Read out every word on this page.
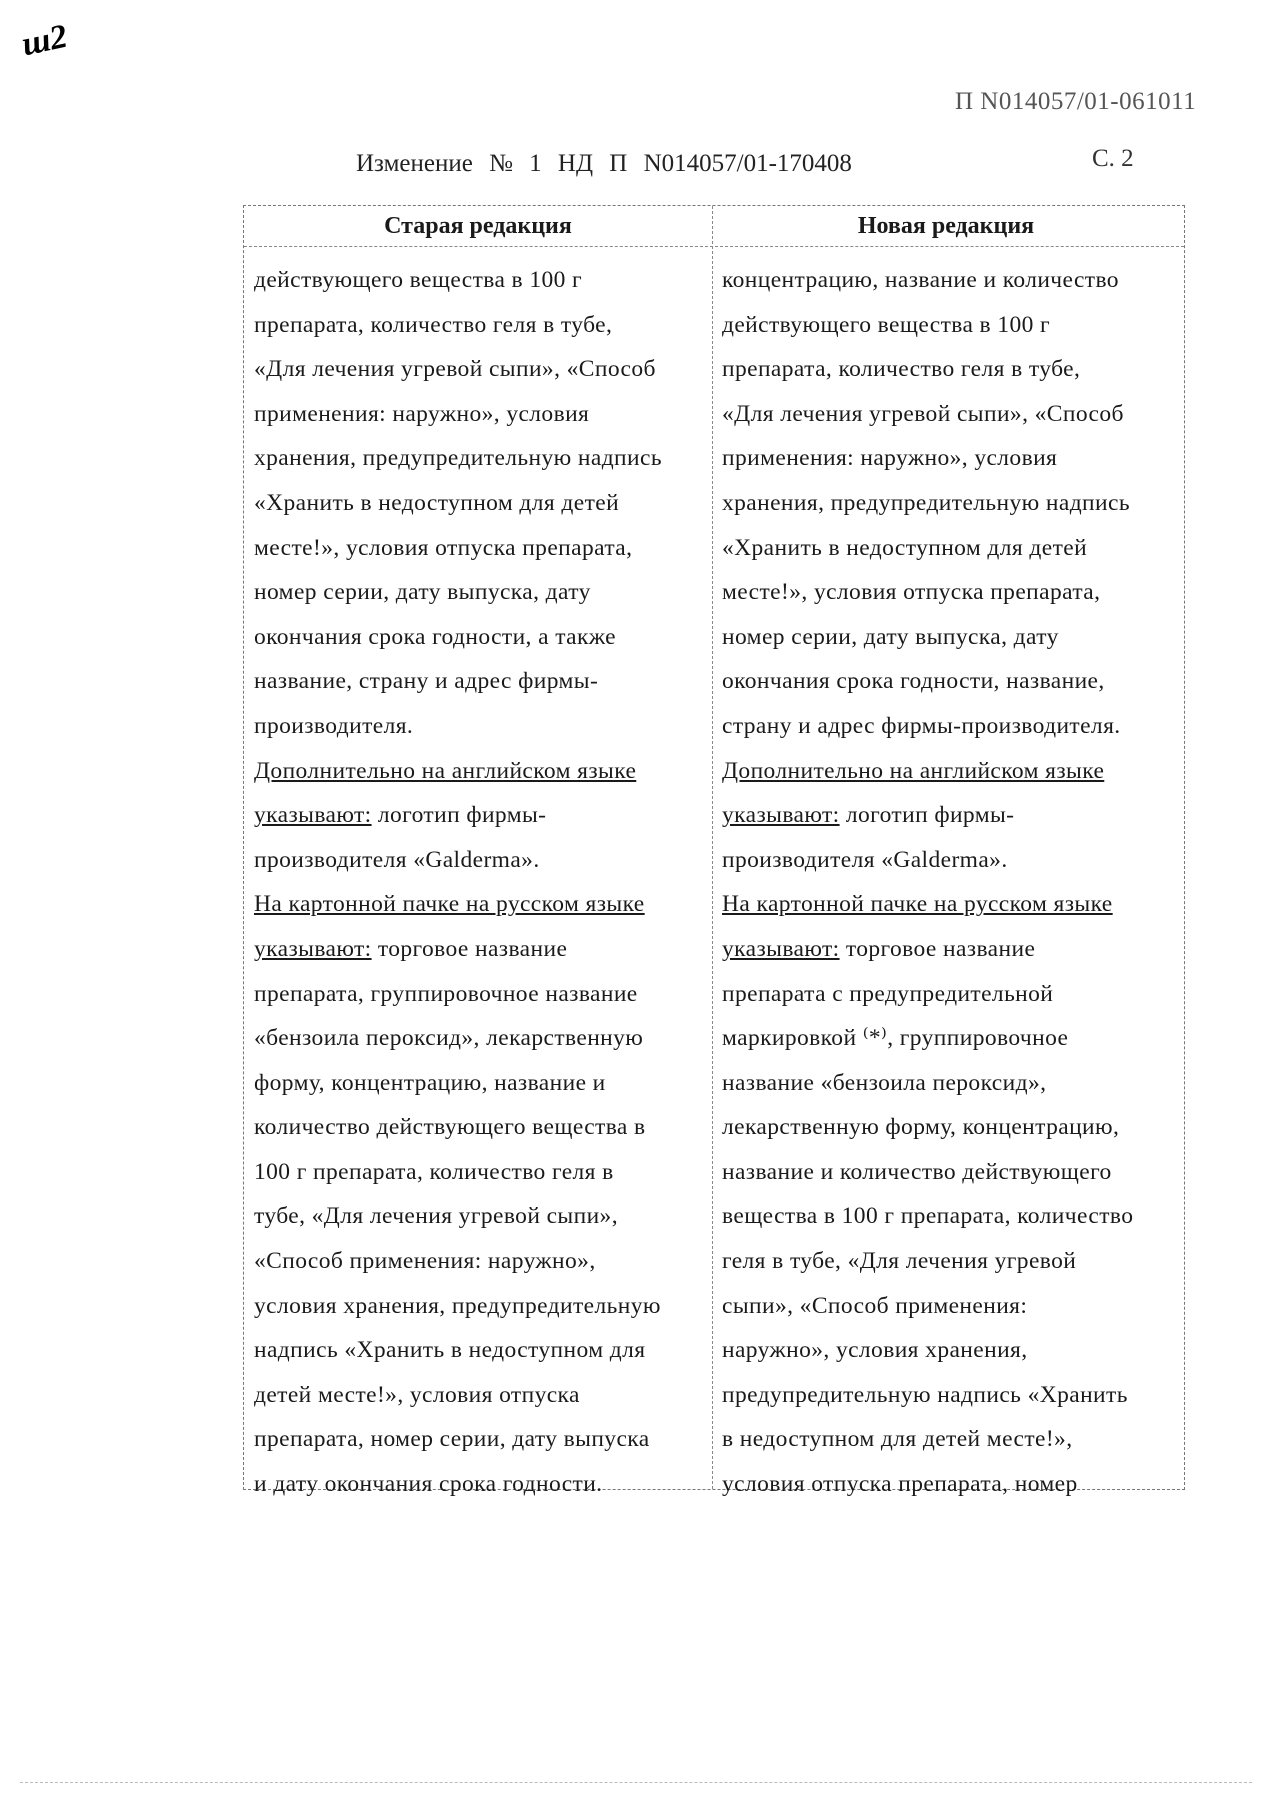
ш2
П N014057/01-061011
Изменение № 1 НД П N014057/01-170408	С. 2
Старая редакция	Новая редакция
действующего вещества в 100 г
препарата, количество геля в тубе,
«Для лечения угревой сыпи», «Способ
применения: наружно», условия
хранения, предупредительную надпись
«Хранить в недоступном для детей
месте!», условия отпуска препарата,
номер серии, дату выпуска, дату
окончания срока годности, а также
название, страну и адрес фирмы-
производителя.
Дополнительно на английском языке
указывают: логотип фирмы-
производителя «Galderma».
На картонной пачке на русском языке
указывают: торговое название
препарата, группировочное название
«бензоила пероксид», лекарственную
форму, концентрацию, название и
количество действующего вещества в
100 г препарата, количество геля в
тубе, «Для лечения угревой сыпи»,
«Способ применения: наружно»,
условия хранения, предупредительную
надпись «Хранить в недоступном для
детей месте!», условия отпуска
препарата, номер серии, дату выпуска
и дату окончания срока годности.
концентрацию, название и количество
действующего вещества в 100 г
препарата, количество геля в тубе,
«Для лечения угревой сыпи», «Способ
применения: наружно», условия
хранения, предупредительную надпись
«Хранить в недоступном для детей
месте!», условия отпуска препарата,
номер серии, дату выпуска, дату
окончания срока годности, название,
страну и адрес фирмы-производителя.
Дополнительно на английском языке
указывают: логотип фирмы-
производителя «Galderma».
На картонной пачке на русском языке
указывают: торговое название
препарата с предупредительной
маркировкой ⁽*⁾, группировочное
название «бензоила пероксид»,
лекарственную форму, концентрацию,
название и количество действующего
вещества в 100 г препарата, количество
геля в тубе, «Для лечения угревой
сыпи», «Способ применения:
наружно», условия хранения,
предупредительную надпись «Хранить
в недоступном для детей месте!»,
условия отпуска препарата, номер
